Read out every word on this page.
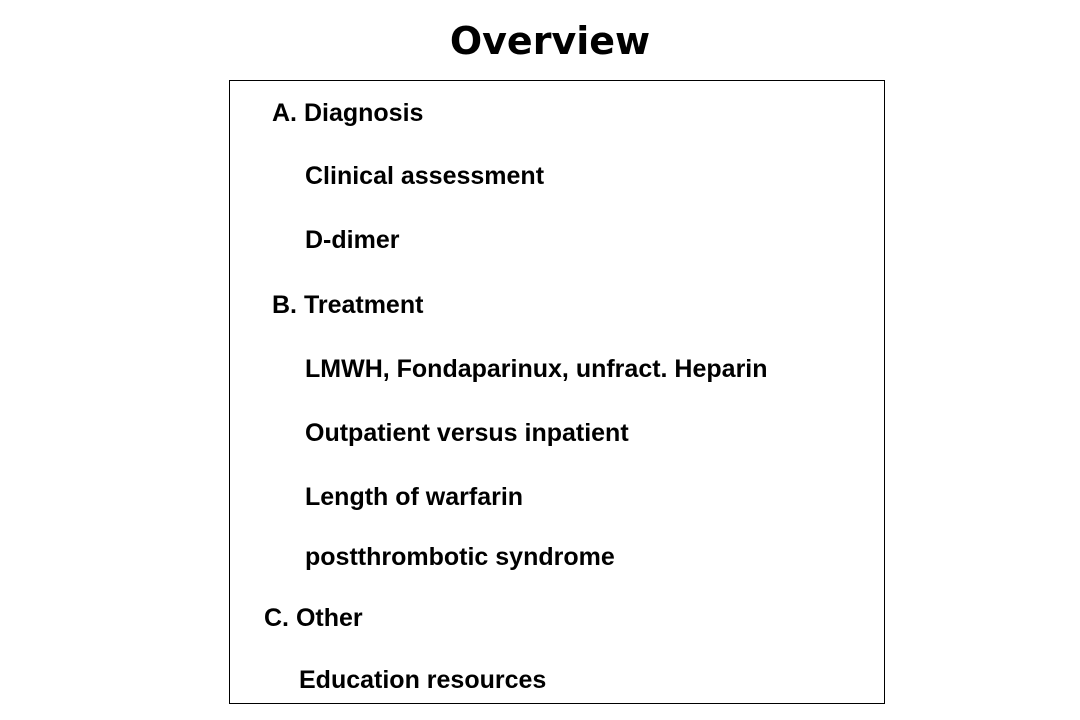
Overview
A. Diagnosis
Clinical assessment
D-dimer
B. Treatment
LMWH, Fondaparinux, unfract. Heparin
Outpatient versus inpatient
Length of warfarin
postthrombotic syndrome
C. Other
Education resources
